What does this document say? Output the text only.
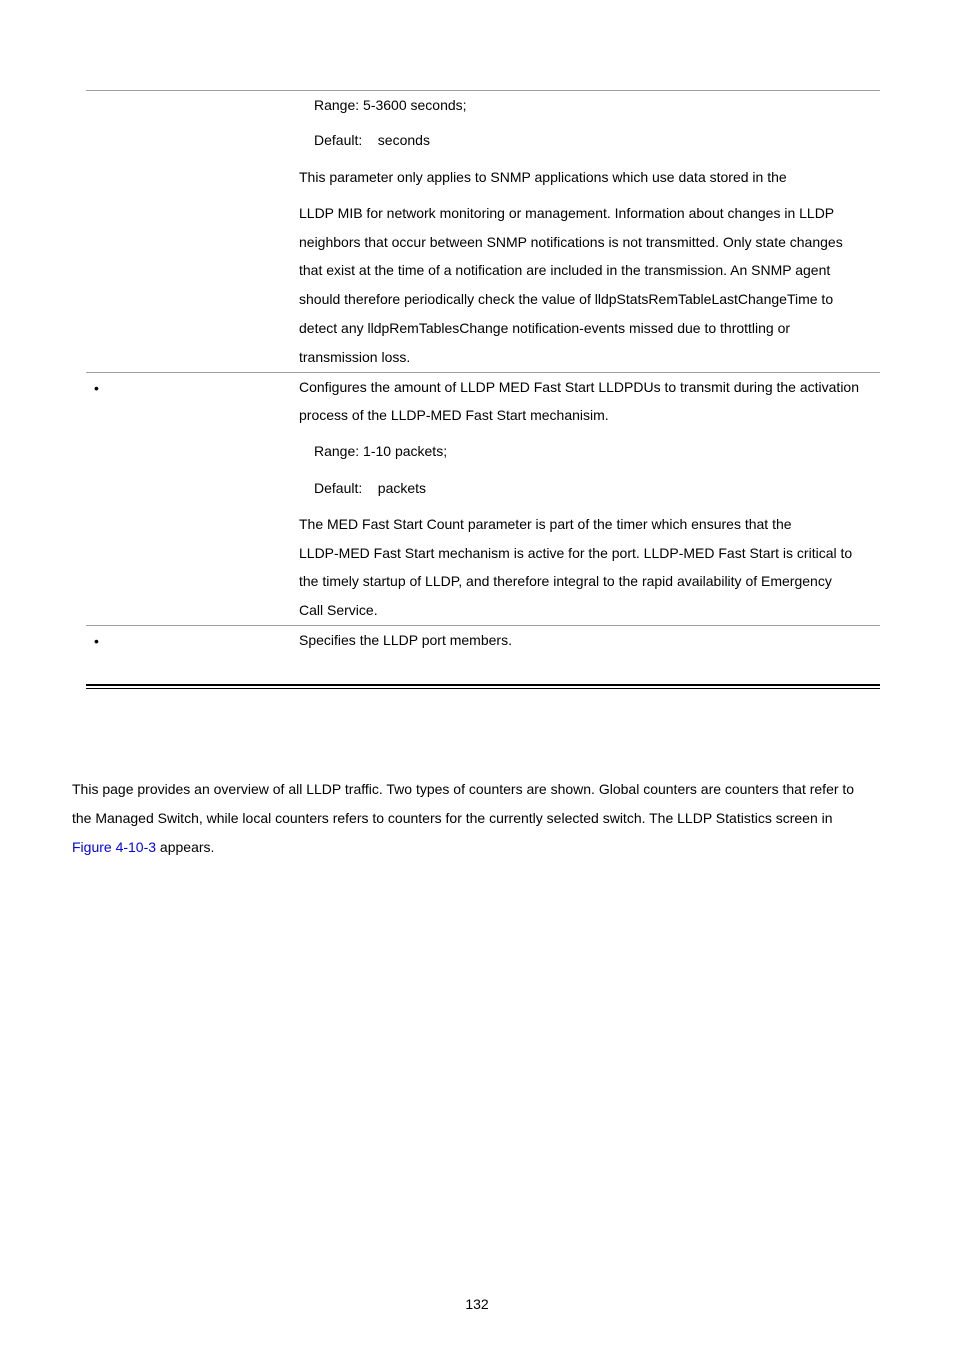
Range: 5-3600 seconds;
Default:    seconds
This parameter only applies to SNMP applications which use data stored in the
LLDP MIB for network monitoring or management. Information about changes in LLDP
neighbors that occur between SNMP notifications is not transmitted. Only state changes
that exist at the time of a notification are included in the transmission. An SNMP agent
should therefore periodically check the value of lldpStatsRemTableLastChangeTime to
detect any lldpRemTablesChange notification-events missed due to throttling or
transmission loss.
•	Configures the amount of LLDP MED Fast Start LLDPDUs to transmit during the activation
process of the LLDP-MED Fast Start mechanisim.
Range: 1-10 packets;
Default:    packets
The MED Fast Start Count parameter is part of the timer which ensures that the
LLDP-MED Fast Start mechanism is active for the port. LLDP-MED Fast Start is critical to
the timely startup of LLDP, and therefore integral to the rapid availability of Emergency
Call Service.
•	Specifies the LLDP port members.
This page provides an overview of all LLDP traffic. Two types of counters are shown. Global counters are counters that refer to
the Managed Switch, while local counters refers to counters for the currently selected switch. The LLDP Statistics screen in
Figure 4-10-3 appears.
132
